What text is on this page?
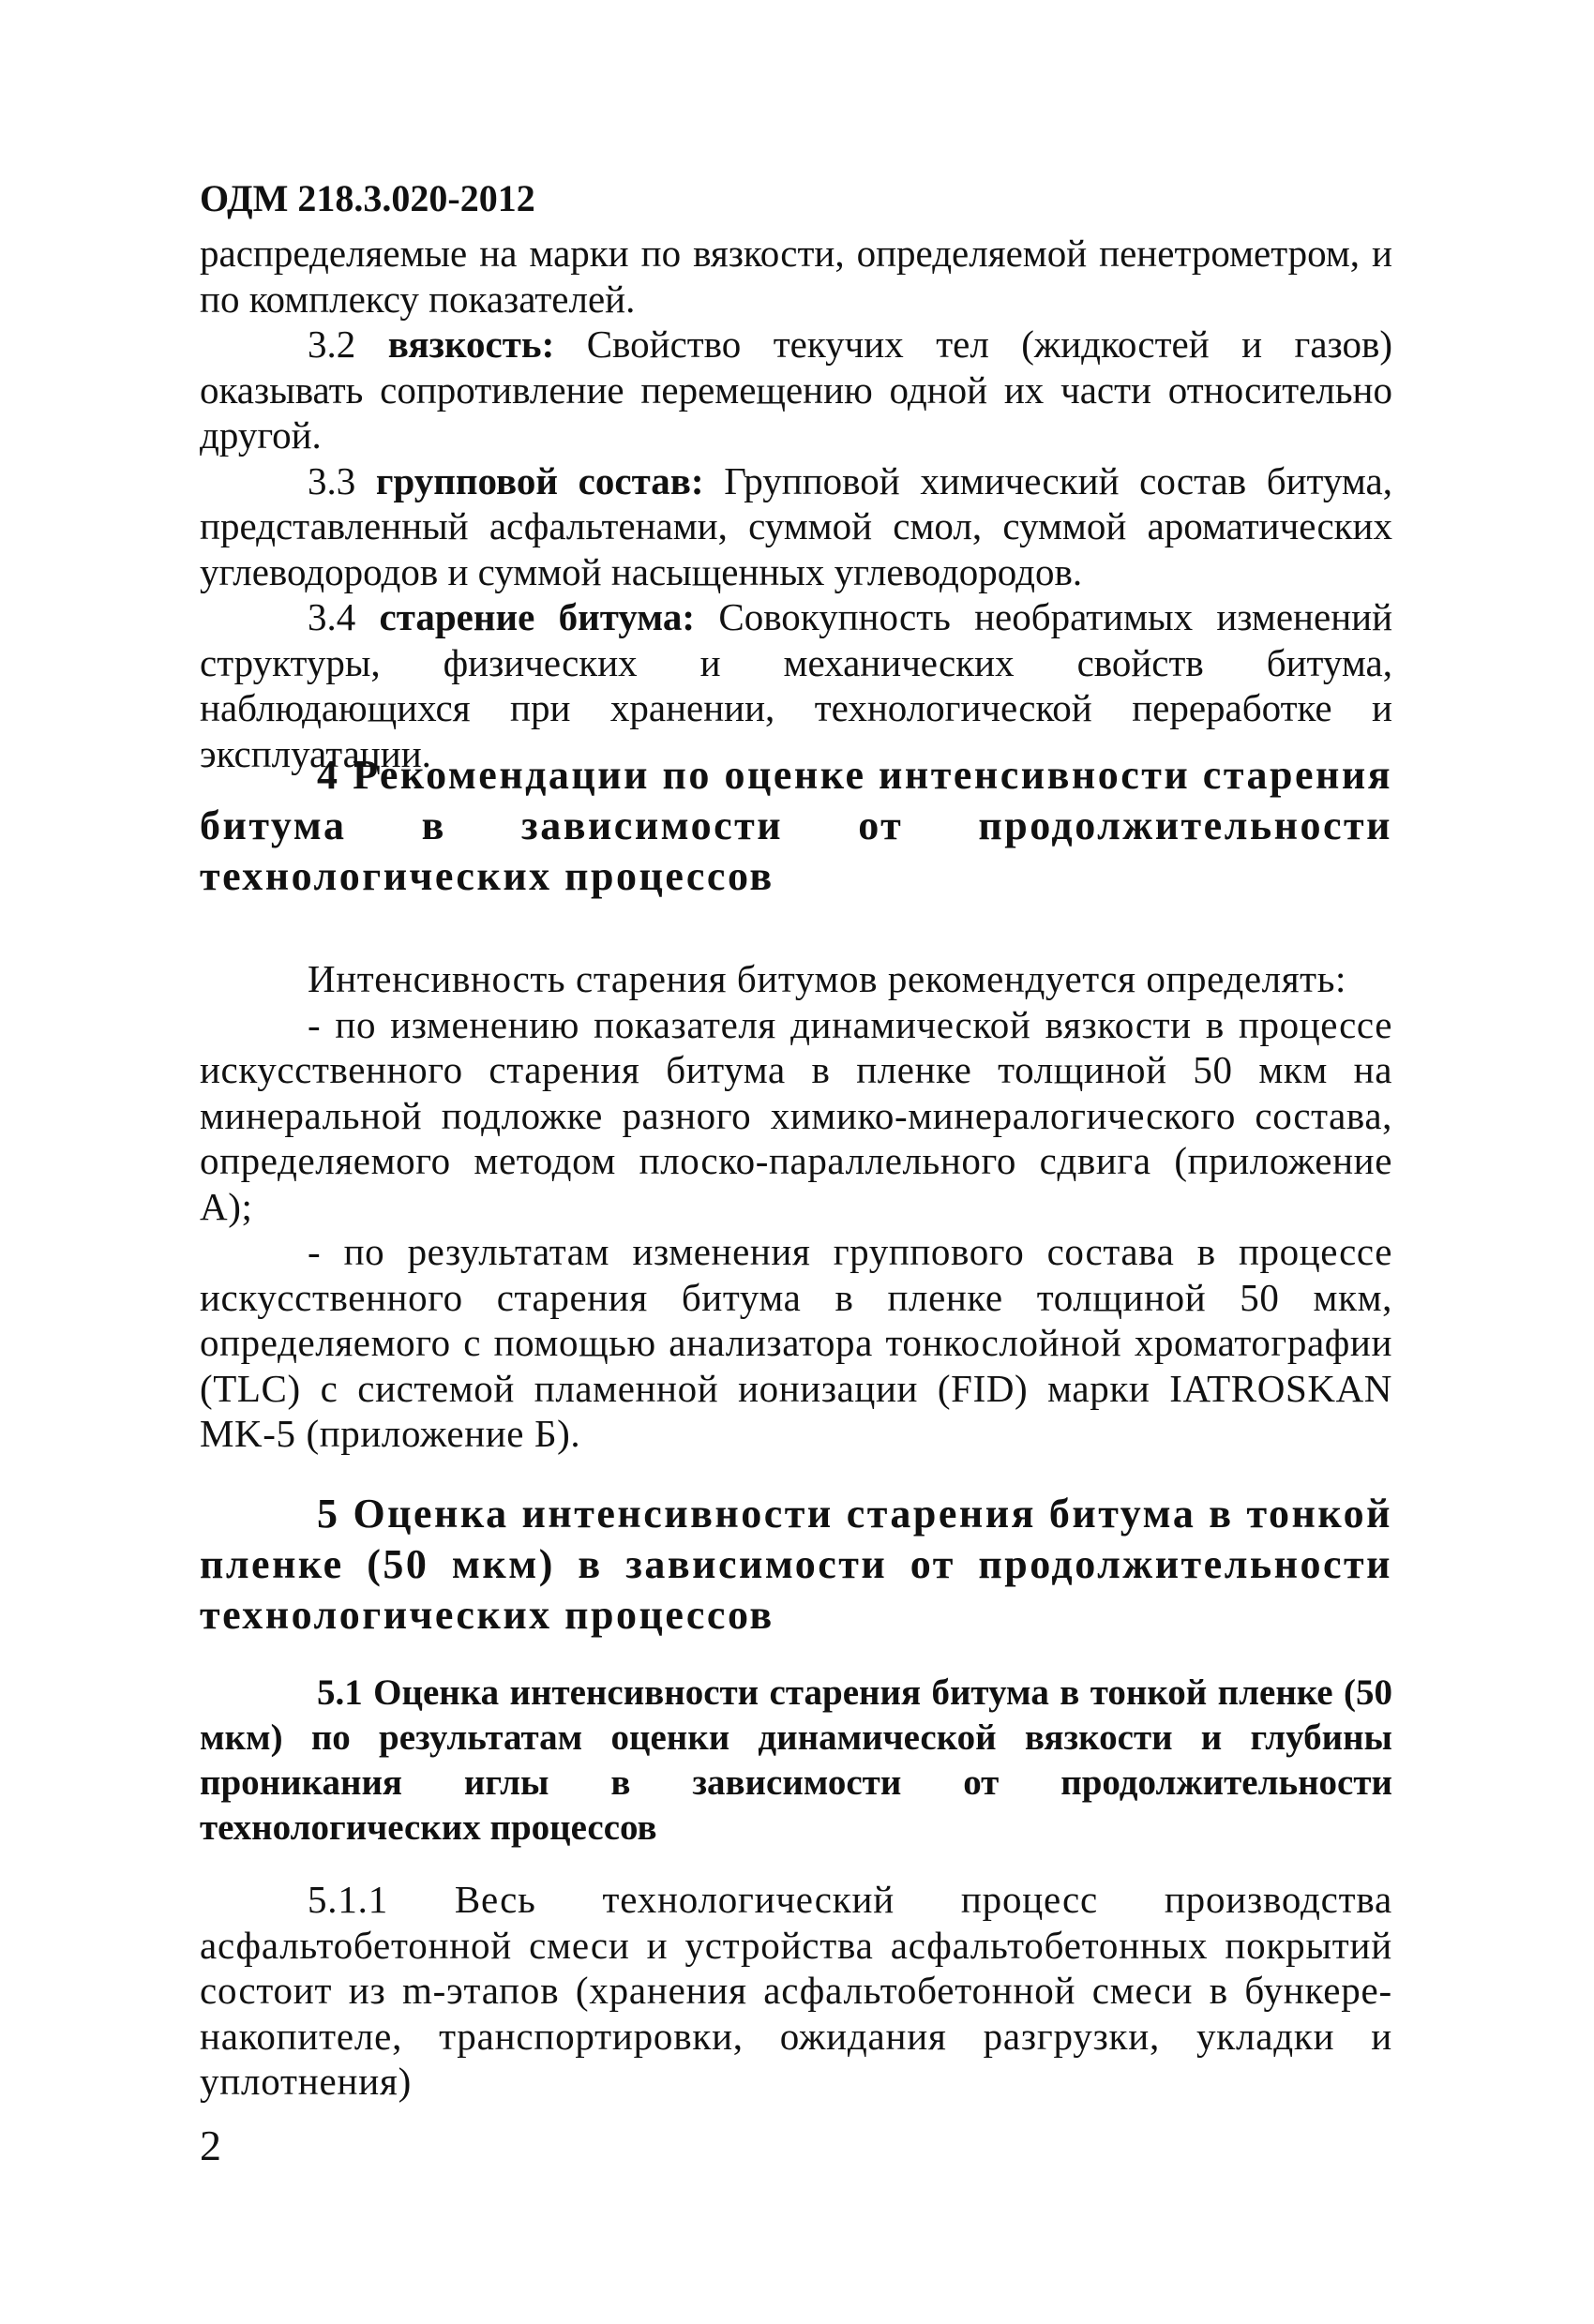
ОДМ 218.3.020-2012

распределяемые на марки по вязкости, определяемой пенетрометром, и по комплексу показателей.

3.2 вязкость: Свойство текучих тел (жидкостей и газов) оказывать сопротивление перемещению одной их части относительно другой.

3.3 групповой состав: Групповой химический состав битума, представленный асфальтенами, суммой смол, суммой ароматических углеводородов и суммой насыщенных углеводородов.

3.4 старение битума: Совокупность необратимых изменений структуры, физических и механических свойств битума, наблюдающихся при хранении, технологической переработке и эксплуатации.

4 Рекомендации по оценке интенсивности старения битума в зависимости от продолжительности технологических процессов

Интенсивность старения битумов рекомендуется определять:

- по изменению показателя динамической вязкости в процессе искусственного старения битума в пленке толщиной 50 мкм на минеральной подложке разного химико-минералогического состава, определяемого методом плоско-параллельного сдвига (приложение А);

- по результатам изменения группового состава в процессе искусственного старения битума в пленке толщиной 50 мкм, определяемого с помощью анализатора тонкослойной хроматографии (TLC) с системой пламенной ионизации (FID) марки IATROSKAN MK-5 (приложение Б).

5 Оценка интенсивности старения битума в тонкой пленке (50 мкм) в зависимости от продолжительности технологических процессов
5.1 Оценка интенсивности старения битума в тонкой пленке (50 мкм) по результатам оценки динамической вязкости и глубины проникания иглы в зависимости от продолжительности технологических процессов

5.1.1 Весь технологический процесс производства асфальтобетонной смеси и устройства асфальтобетонных покрытий состоит из m-этапов (хранения асфальтобетонной смеси в бункере-накопителе, транспортировки, ожидания разгрузки, укладки и уплотнения)

2
